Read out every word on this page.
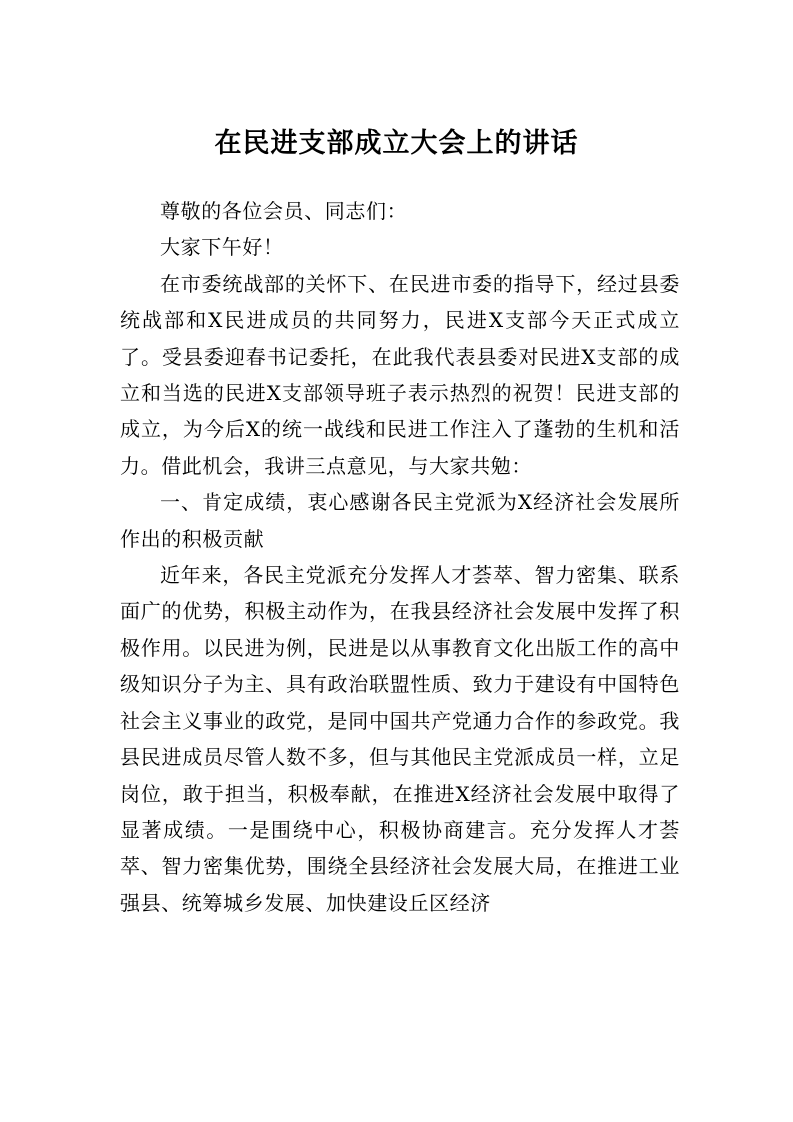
在民进支部成立大会上的讲话

尊敬的各位会员、同志们：

大家下午好！

在市委统战部的关怀下、在民进市委的指导下，经过县委统战部和X民进成员的共同努力，民进X支部今天正式成立了。受县委迎春书记委托，在此我代表县委对民进X支部的成立和当选的民进X支部领导班子表示热烈的祝贺！民进支部的成立，为今后X的统一战线和民进工作注入了蓬勃的生机和活力。借此机会，我讲三点意见，与大家共勉：

一、肯定成绩，衷心感谢各民主党派为X经济社会发展所作出的积极贡献

近年来，各民主党派充分发挥人才荟萃、智力密集、联系面广的优势，积极主动作为，在我县经济社会发展中发挥了积极作用。以民进为例，民进是以从事教育文化出版工作的高中级知识分子为主、具有政治联盟性质、致力于建设有中国特色社会主义事业的政党，是同中国共产党通力合作的参政党。我县民进成员尽管人数不多，但与其他民主党派成员一样，立足岗位，敢于担当，积极奉献，在推进X经济社会发展中取得了显著成绩。一是围绕中心，积极协商建言。充分发挥人才荟萃、智力密集优势，围绕全县经济社会发展大局，在推进工业强县、统筹城乡发展、加快建设丘区经济
